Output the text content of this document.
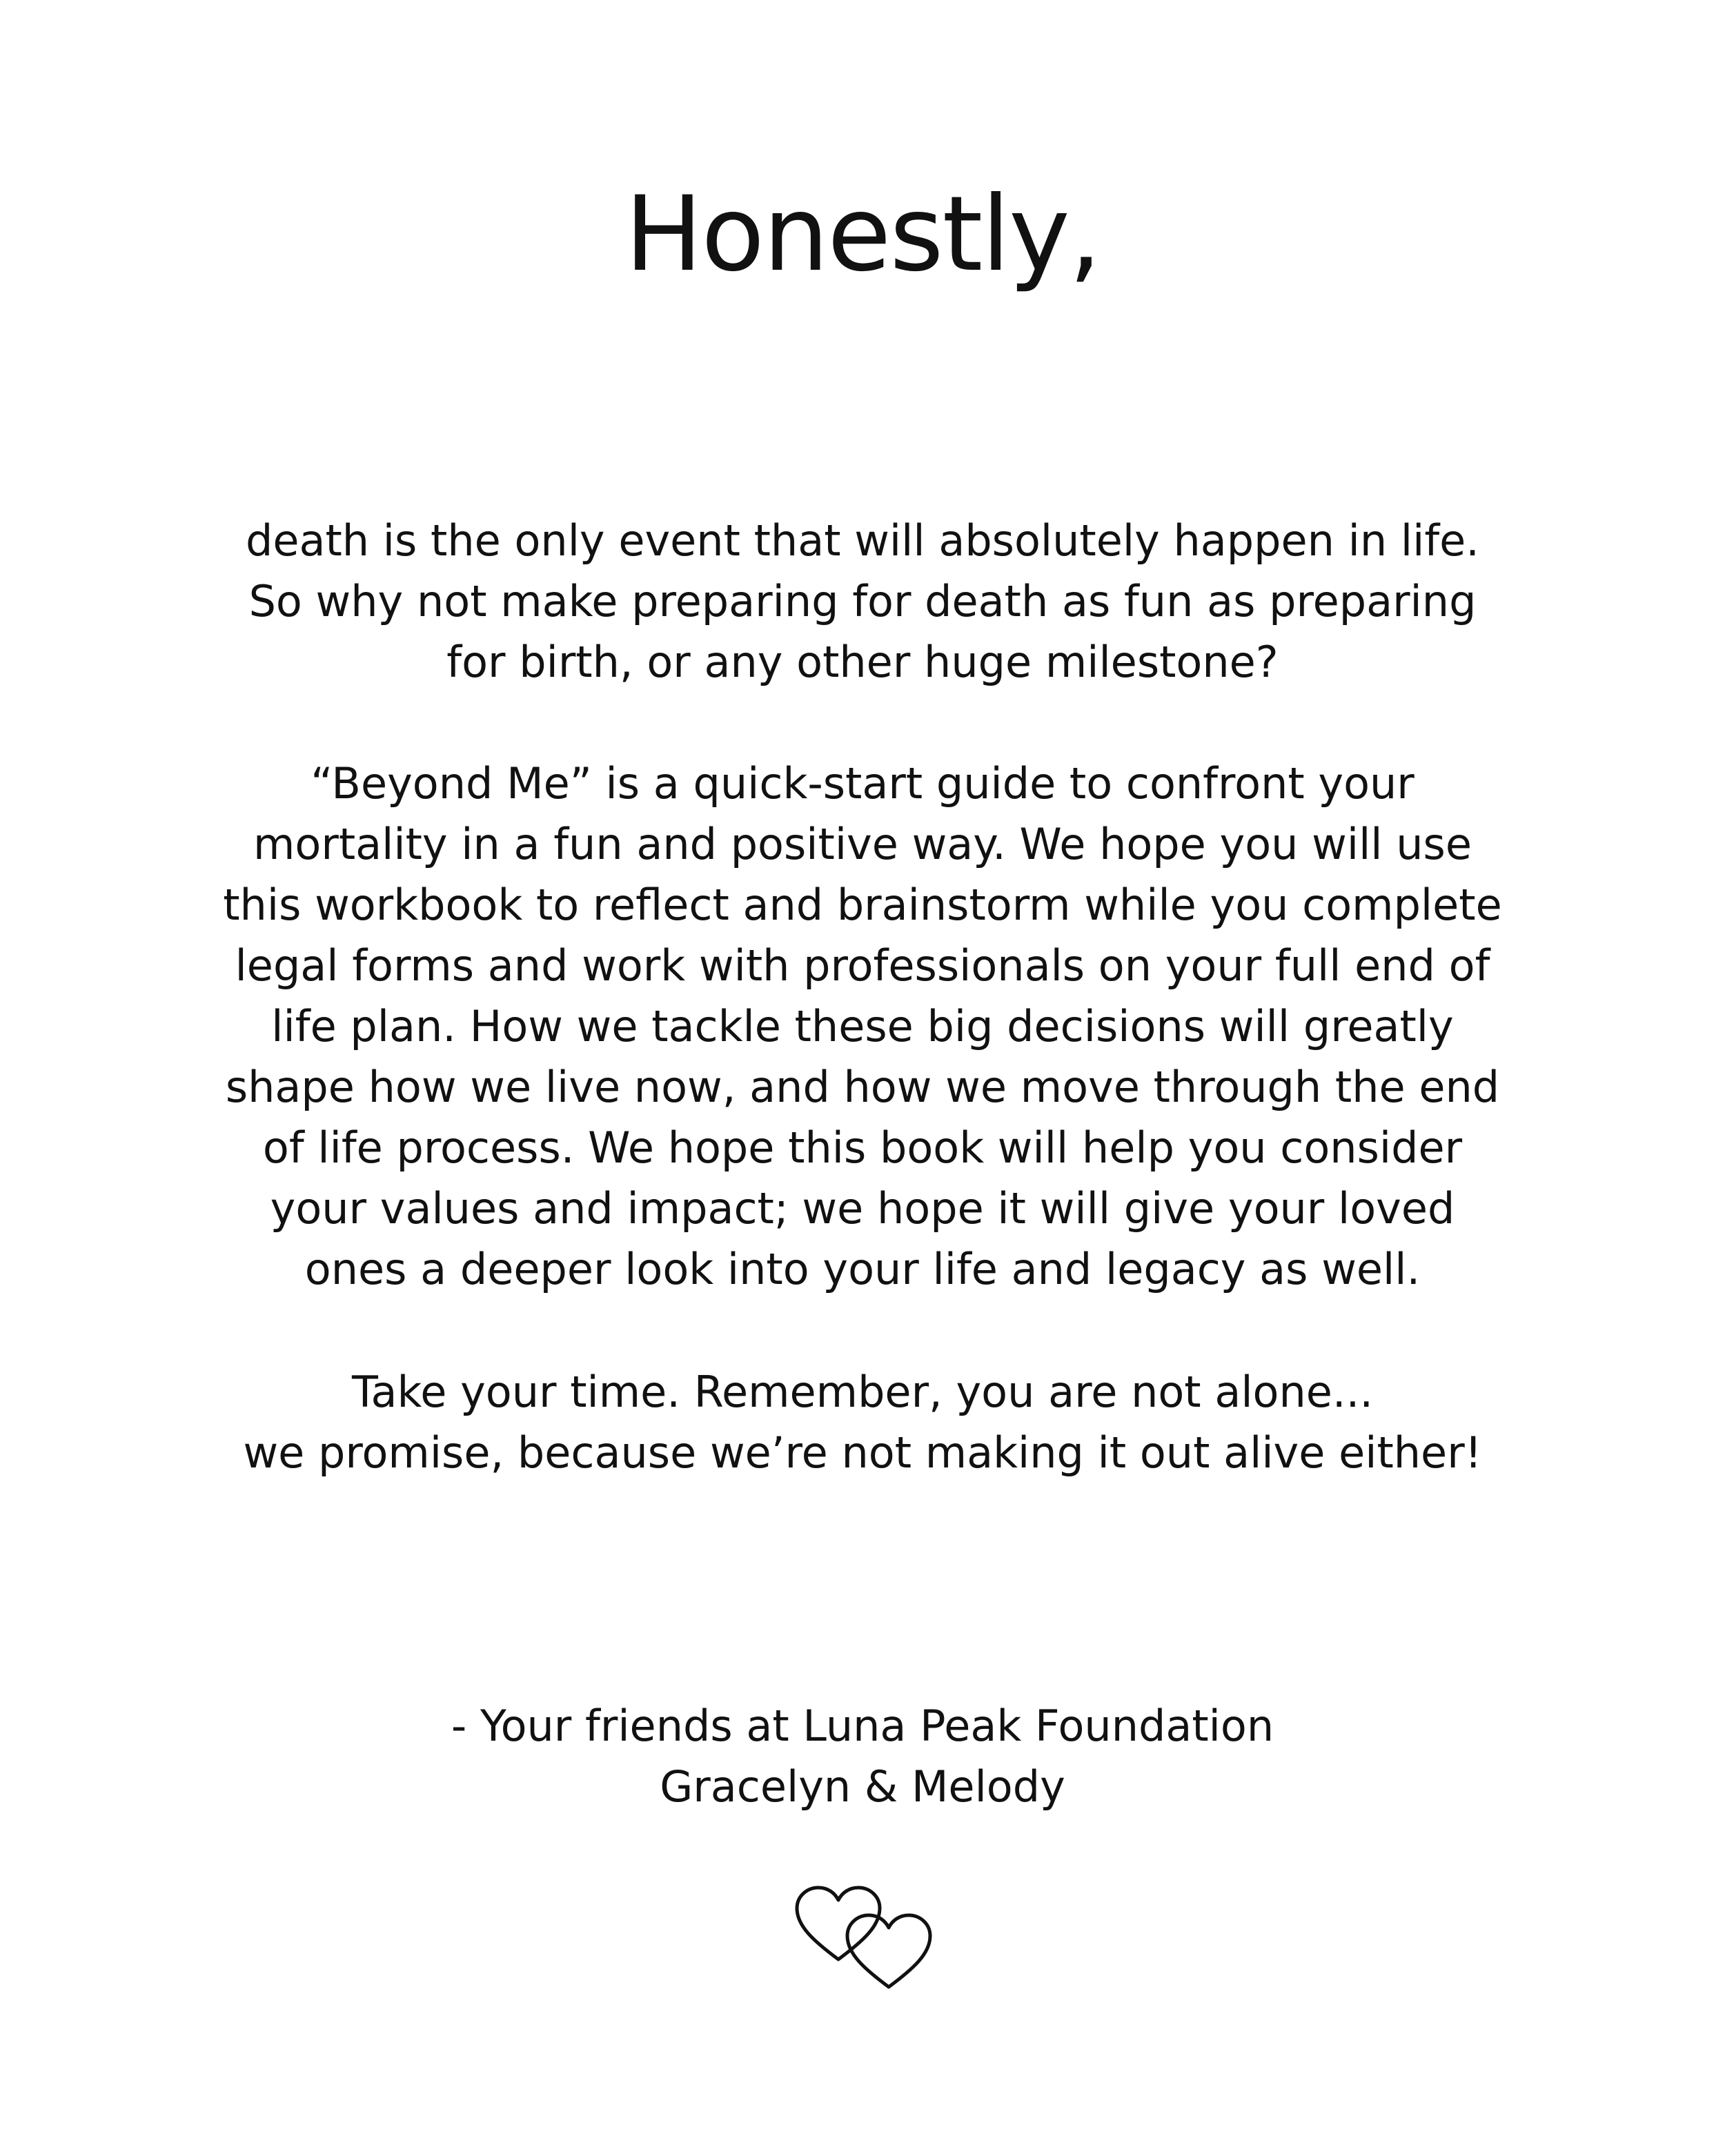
Honestly,

death is the only event that will absolutely happen in life.
So why not make preparing for death as fun as preparing
for birth, or any other huge milestone?

“Beyond Me” is a quick-start guide to confront your
mortality in a fun and positive way. We hope you will use
this workbook to reflect and brainstorm while you complete
legal forms and work with professionals on your full end of
life plan. How we tackle these big decisions will greatly
shape how we live now, and how we move through the end
of life process. We hope this book will help you consider
your values and impact; we hope it will give your loved
ones a deeper look into your life and legacy as well.

Take your time. Remember, you are not alone...
we promise, because we’re not making it out alive either!

- Your friends at Luna Peak Foundation
Gracelyn & Melody
